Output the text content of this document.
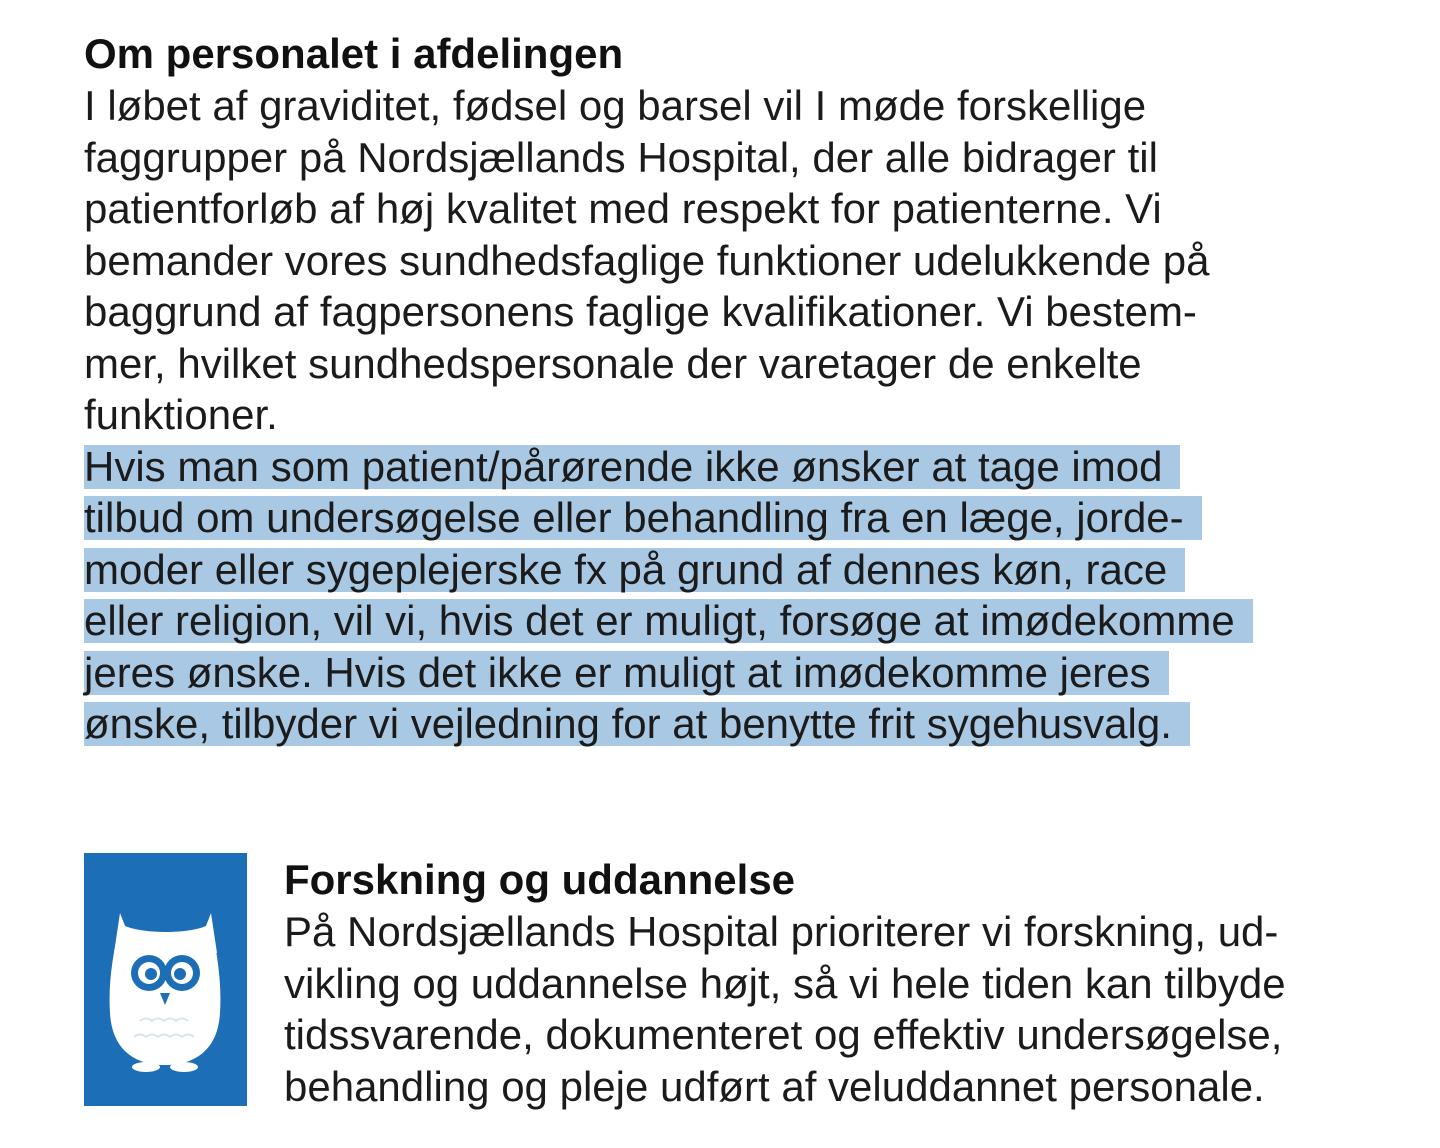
Om personalet i afdelingen
I løbet af graviditet, fødsel og barsel vil I møde forskellige
faggrupper på Nordsjællands Hospital, der alle bidrager til
patientforløb af høj kvalitet med respekt for patienterne. Vi
bemander vores sundhedsfaglige funktioner udelukkende på
baggrund af fagpersonens faglige kvalifikationer. Vi bestem-
mer, hvilket sundhedspersonale der varetager de enkelte
funktioner.
Hvis man som patient/pårørende ikke ønsker at tage imod
tilbud om undersøgelse eller behandling fra en læge, jorde-
moder eller sygeplejerske fx på grund af dennes køn, race
eller religion, vil vi, hvis det er muligt, forsøge at imødekomme
jeres ønske. Hvis det ikke er muligt at imødekomme jeres
ønske, tilbyder vi vejledning for at benytte frit sygehusvalg.
Forskning og uddannelse
På Nordsjællands Hospital prioriterer vi forskning, ud-
vikling og uddannelse højt, så vi hele tiden kan tilbyde
tidssvarende, dokumenteret og effektiv undersøgelse,
behandling og pleje udført af veluddannet personale.
